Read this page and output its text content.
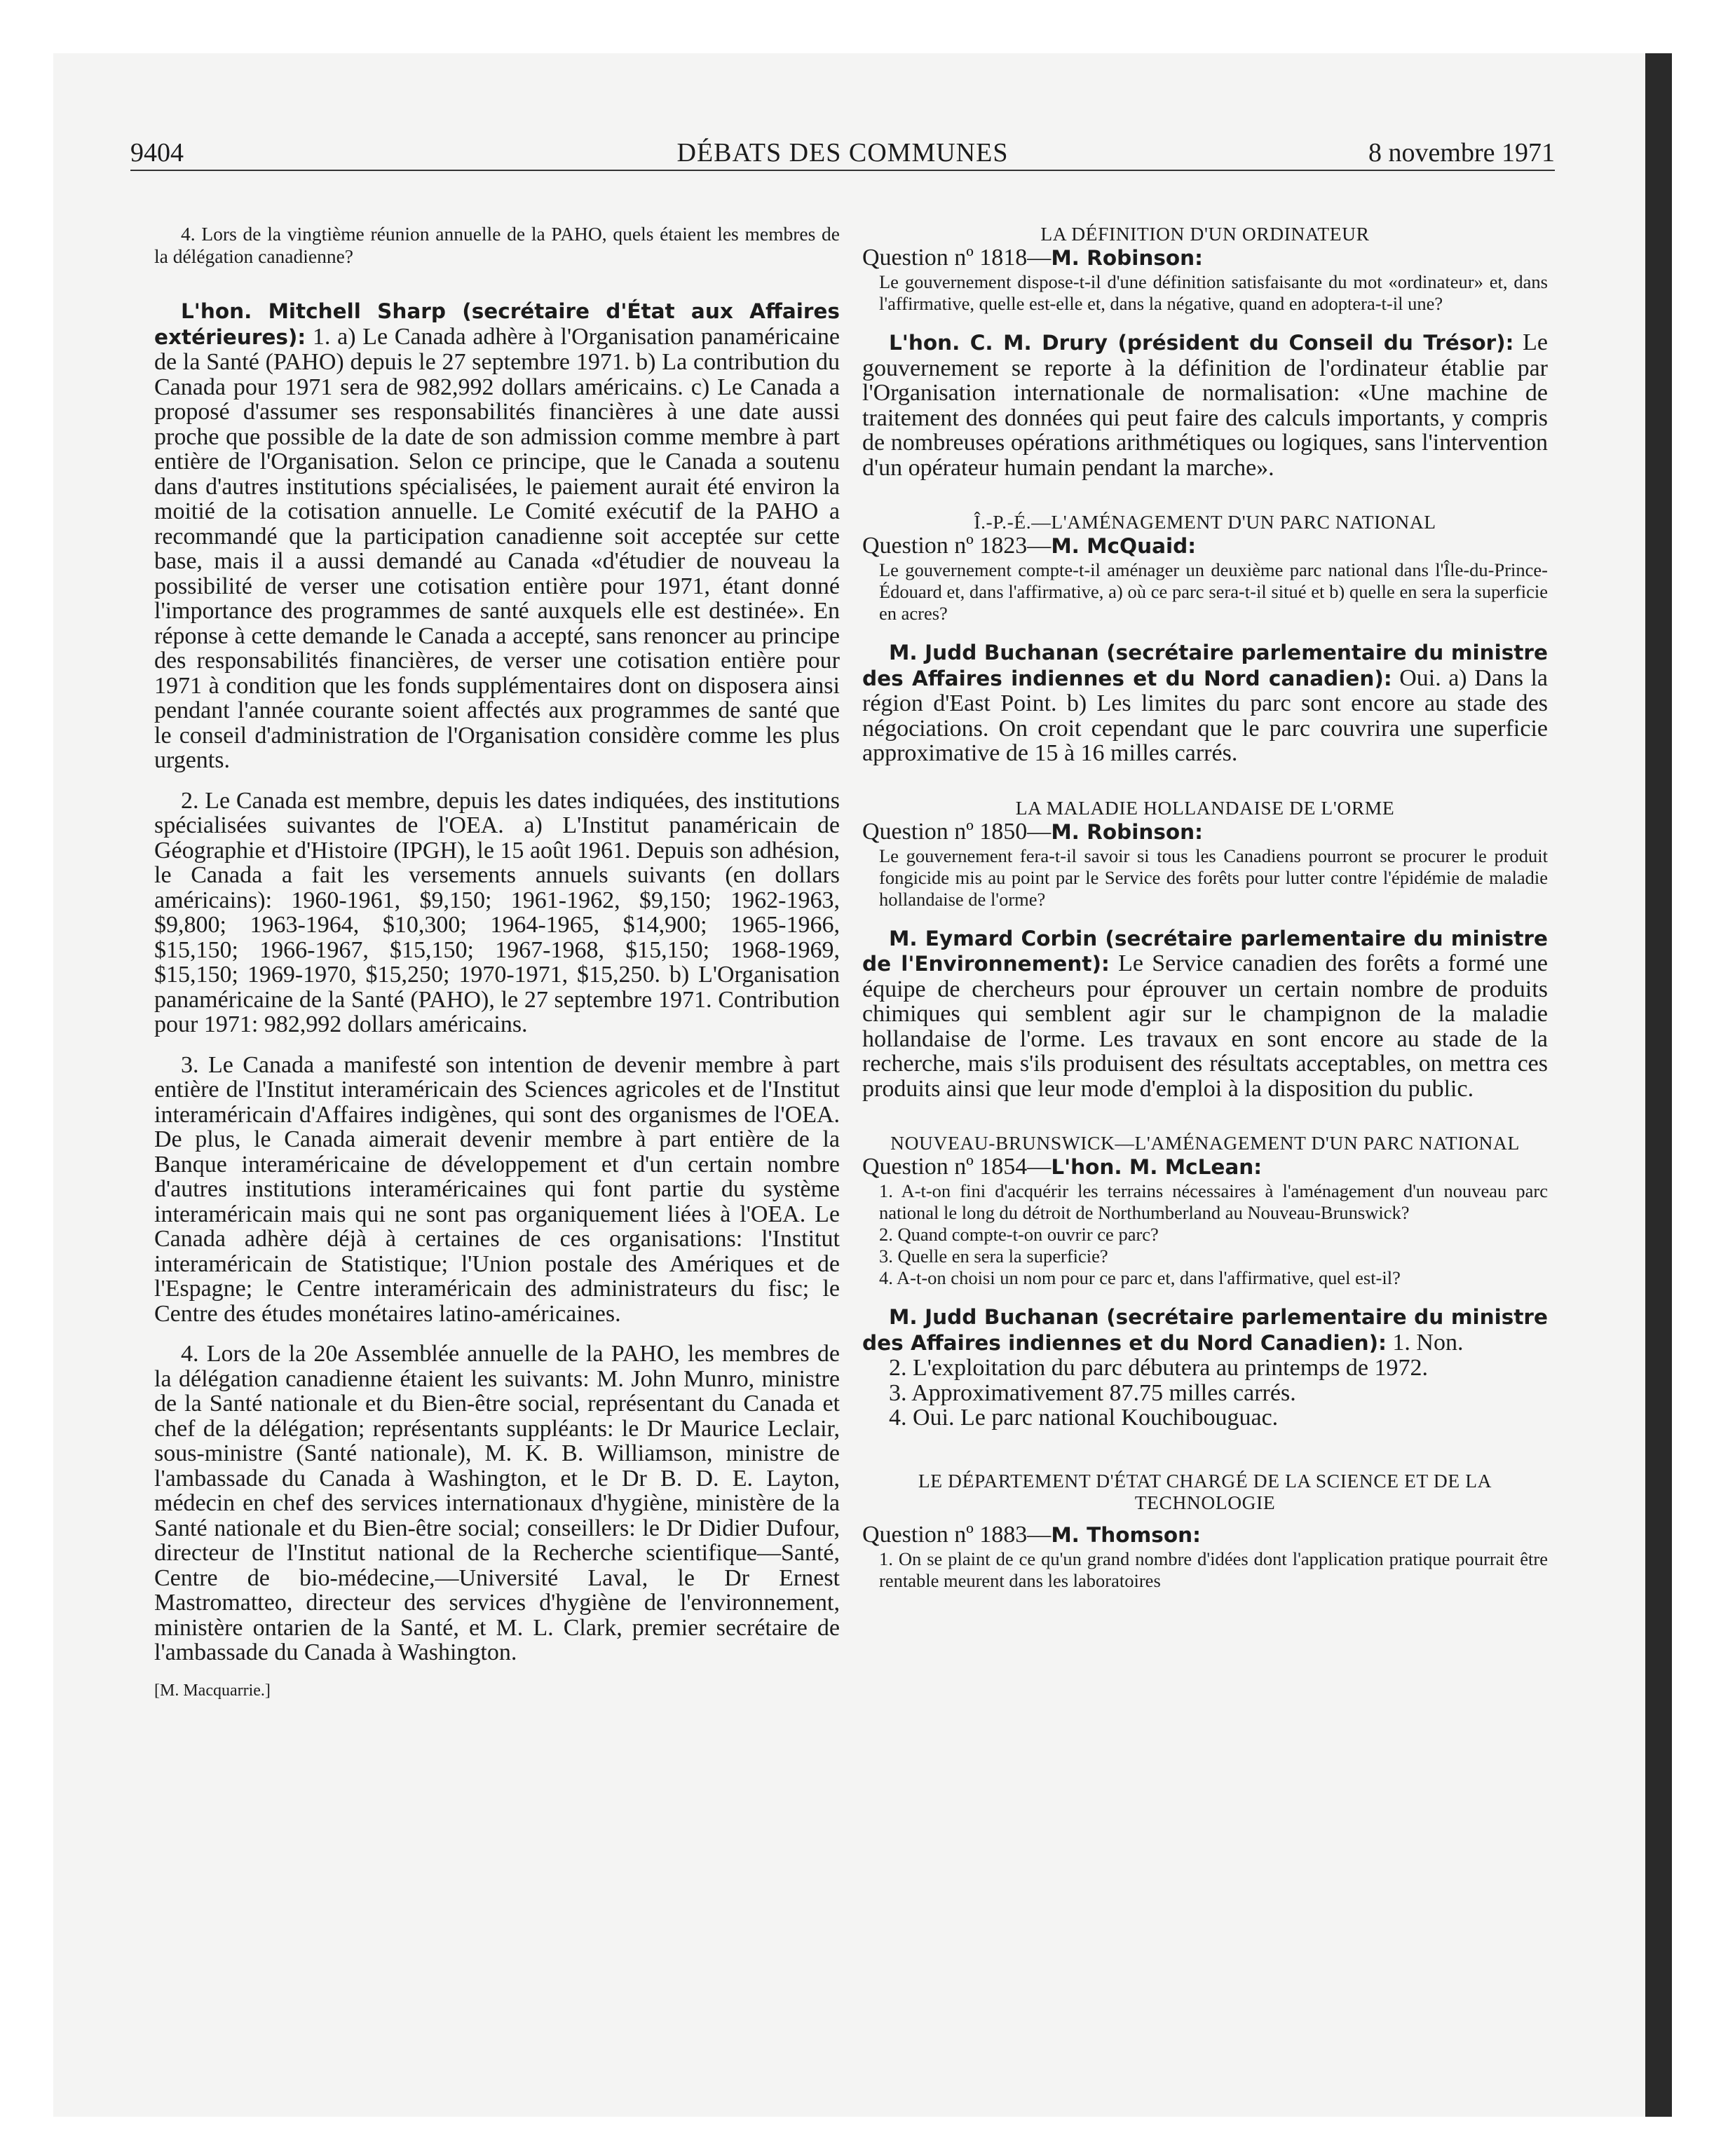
DÉBATS DES COMMUNES
9404	8 novembre 1971

4. Lors de la vingtième réunion annuelle de la PAHO, quels étaient les membres de la délégation canadienne?

L'hon. Mitchell Sharp (secrétaire d'État aux Affaires extérieures): 1. a) Le Canada adhère à l'Organisation panaméricaine de la Santé (PAHO) depuis le 27 septembre 1971. b) La contribution du Canada pour 1971 sera de 982,992 dollars américains. c) Le Canada a proposé d'assumer ses responsabilités financières à une date aussi proche que possible de la date de son admission comme membre à part entière de l'Organisation. Selon ce principe, que le Canada a soutenu dans d'autres institutions spécialisées, le paiement aurait été environ la moitié de la cotisation annuelle. Le Comité exécutif de la PAHO a recommandé que la participation canadienne soit acceptée sur cette base, mais il a aussi demandé au Canada «d'étudier de nouveau la possibilité de verser une cotisation entière pour 1971, étant donné l'importance des programmes de santé auxquels elle est destinée». En réponse à cette demande le Canada a accepté, sans renoncer au principe des responsabilités financières, de verser une cotisation entière pour 1971 à condition que les fonds supplémentaires dont on disposera ainsi pendant l'année courante soient affectés aux programmes de santé que le conseil d'administration de l'Organisation considère comme les plus urgents.

2. Le Canada est membre, depuis les dates indiquées, des institutions spécialisées suivantes de l'OEA. a) L'Institut panaméricain de Géographie et d'Histoire (IPGH), le 15 août 1961. Depuis son adhésion, le Canada a fait les versements annuels suivants (en dollars américains): 1960-1961, $9,150; 1961-1962, $9,150; 1962-1963, $9,800; 1963-1964, $10,300; 1964-1965, $14,900; 1965-1966, $15,150; 1966-1967, $15,150; 1967-1968, $15,150; 1968-1969, $15,150; 1969-1970, $15,250; 1970-1971, $15,250. b) L'Organisation panaméricaine de la Santé (PAHO), le 27 septembre 1971. Contribution pour 1971: 982,992 dollars américains.

3. Le Canada a manifesté son intention de devenir membre à part entière de l'Institut interaméricain des Sciences agricoles et de l'Institut interaméricain d'Affaires indigènes, qui sont des organismes de l'OEA. De plus, le Canada aimerait devenir membre à part entière de la Banque interaméricaine de développement et d'un certain nombre d'autres institutions interaméricaines qui font partie du système interaméricain mais qui ne sont pas organiquement liées à l'OEA. Le Canada adhère déjà à certaines de ces organisations: l'Institut interaméricain de Statistique; l'Union postale des Amériques et de l'Espagne; le Centre interaméricain des administrateurs du fisc; le Centre des études monétaires latino-américaines.

4. Lors de la 20e Assemblée annuelle de la PAHO, les membres de la délégation canadienne étaient les suivants: M. John Munro, ministre de la Santé nationale et du Bien-être social, représentant du Canada et chef de la délégation; représentants suppléants: le Dr Maurice Leclair, sous-ministre (Santé nationale), M. K. B. Williamson, ministre de l'ambassade du Canada à Washington, et le Dr B. D. E. Layton, médecin en chef des services internationaux d'hygiène, ministère de la Santé nationale et du Bien-être social; conseillers: le Dr Didier Dufour, directeur de l'Institut national de la Recherche scientifique—Santé, Centre de bio-médecine,—Université Laval, le Dr Ernest Mastromatteo, directeur des services d'hygiène de l'environnement, ministère ontarien de la Santé, et M. L. Clark, premier secrétaire de l'ambassade du Canada à Washington.

[M. Macquarrie.]

LA DÉFINITION D'UN ORDINATEUR

Question nº 1818—M. Robinson:

Le gouvernement dispose-t-il d'une définition satisfaisante du mot «ordinateur» et, dans l'affirmative, quelle est-elle et, dans la négative, quand en adoptera-t-il une?

L'hon. C. M. Drury (président du Conseil du Trésor): Le gouvernement se reporte à la définition de l'ordinateur établie par l'Organisation internationale de normalisation: «Une machine de traitement des données qui peut faire des calculs importants, y compris de nombreuses opérations arithmétiques ou logiques, sans l'intervention d'un opérateur humain pendant la marche».

Î.-P.-É.—L'AMÉNAGEMENT D'UN PARC NATIONAL

Question nº 1823—M. McQuaid:

Le gouvernement compte-t-il aménager un deuxième parc national dans l'Île-du-Prince-Édouard et, dans l'affirmative, a) où ce parc sera-t-il situé et b) quelle en sera la superficie en acres?

M. Judd Buchanan (secrétaire parlementaire du ministre des Affaires indiennes et du Nord canadien): Oui. a) Dans la région d'East Point. b) Les limites du parc sont encore au stade des négociations. On croit cependant que le parc couvrira une superficie approximative de 15 à 16 milles carrés.

LA MALADIE HOLLANDAISE DE L'ORME

Question nº 1850—M. Robinson:

Le gouvernement fera-t-il savoir si tous les Canadiens pourront se procurer le produit fongicide mis au point par le Service des forêts pour lutter contre l'épidémie de maladie hollandaise de l'orme?

M. Eymard Corbin (secrétaire parlementaire du ministre de l'Environnement): Le Service canadien des forêts a formé une équipe de chercheurs pour éprouver un certain nombre de produits chimiques qui semblent agir sur le champignon de la maladie hollandaise de l'orme. Les travaux en sont encore au stade de la recherche, mais s'ils produisent des résultats acceptables, on mettra ces produits ainsi que leur mode d'emploi à la disposition du public.

NOUVEAU-BRUNSWICK—L'AMÉNAGEMENT D'UN PARC NATIONAL

Question nº 1854—L'hon. M. McLean:

1. A-t-on fini d'acquérir les terrains nécessaires à l'aménagement d'un nouveau parc national le long du détroit de Northumberland au Nouveau-Brunswick?

2. Quand compte-t-on ouvrir ce parc?

3. Quelle en sera la superficie?

4. A-t-on choisi un nom pour ce parc et, dans l'affirmative, quel est-il?

M. Judd Buchanan (secrétaire parlementaire du ministre des Affaires indiennes et du Nord Canadien): 1. Non.

2. L'exploitation du parc débutera au printemps de 1972.

3. Approximativement 87.75 milles carrés.

4. Oui. Le parc national Kouchibouguac.

LE DÉPARTEMENT D'ÉTAT CHARGÉ DE LA SCIENCE ET DE LA TECHNOLOGIE

Question nº 1883—M. Thomson:

1. On se plaint de ce qu'un grand nombre d'idées dont l'application pratique pourrait être rentable meurent dans les laboratoires
